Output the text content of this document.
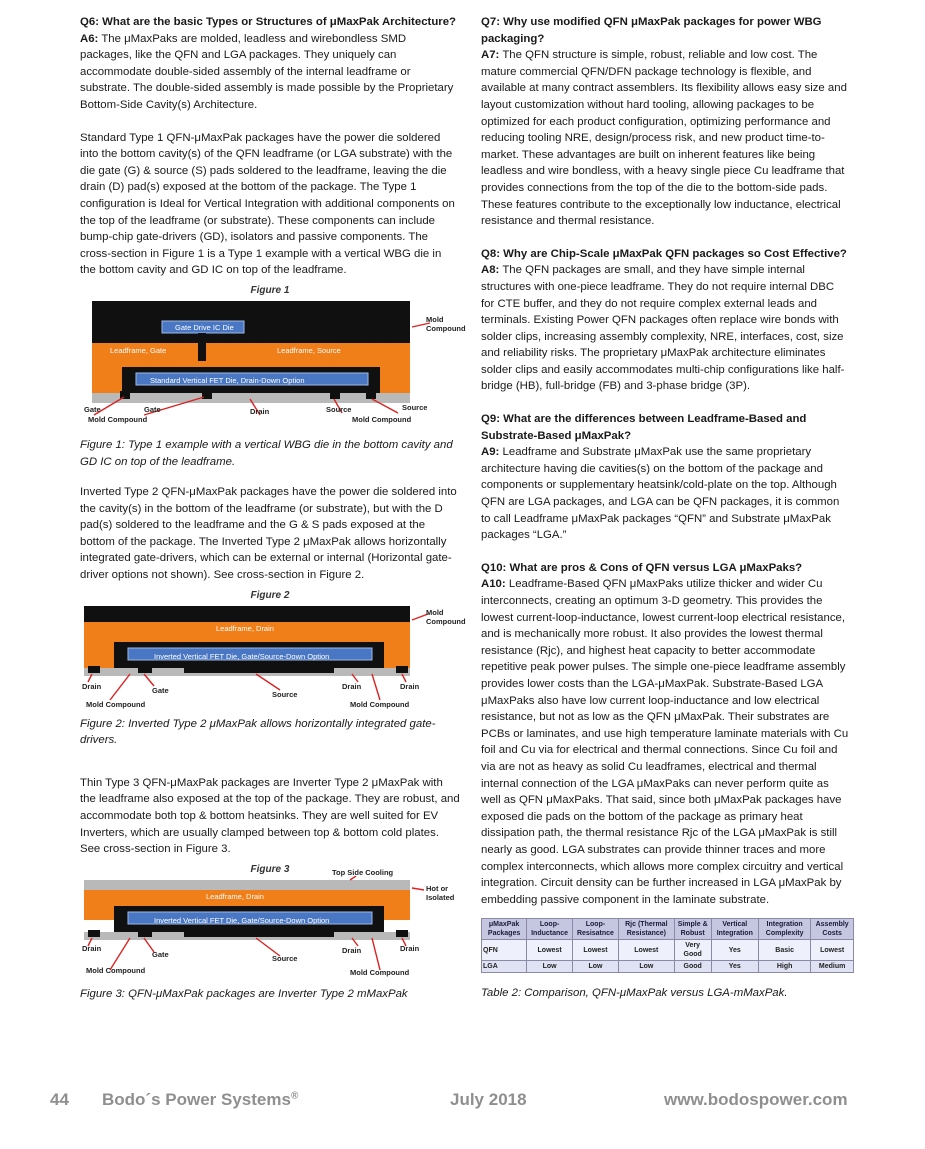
Q6: What are the basic Types or Structures of μMaxPak Architecture?

A6: The μMaxPaks are molded, leadless and wirebondless SMD packages, like the QFN and LGA packages. They uniquely can accommodate double-sided assembly of the internal leadframe or substrate. The double-sided assembly is made possible by the Proprietary Bottom-Side Cavity(s) Architecture.

Standard Type 1 QFN-μMaxPak packages have the power die soldered into the bottom cavity(s) of the QFN leadframe (or LGA substrate) with the die gate (G) & source (S) pads soldered to the leadframe, leaving the die drain (D) pad(s) exposed at the bottom of the package. The Type 1 configuration is Ideal for Vertical Integration with additional components on the top of the leadframe (or substrate). These components can include bump-chip gate-drivers (GD), isolators and passive components. The cross-section in Figure 1 is a Type 1 example with a vertical WBG die in the bottom cavity and GD IC on top of the leadframe.

Figure 1
Gate Drive IC Die
Mold Compound
Leadframe, Gate	Leadframe, Source
Standard Vertical FET Die, Drain-Down Option
Gate	Gate	Drain	Source	Source
Mold Compound	Mold Compound

Figure 1: Type 1 example with a vertical WBG die in the bottom cavity and GD IC on top of the leadframe.

Inverted Type 2 QFN-μMaxPak packages have the power die soldered into the cavity(s) in the bottom of the leadframe (or substrate), but with the D pad(s) soldered to the leadframe and the G & S pads exposed at the bottom of the package. The Inverted Type 2 μMaxPak allows horizontally integrated gate-drivers, which can be external or internal (Horizontal gate-driver options not shown). See cross-section in Figure 2.

Figure 2
Mold Compound
Leadframe, Drain
Inverted Vertical FET Die, Gate/Source-Down Option
Drain	Gate	Source
Drain	Drain
Mold Compound	Mold Compound

Figure 2: Inverted Type 2 μMaxPak allows horizontally integrated gate-drivers.

Thin Type 3 QFN-μMaxPak packages are Inverter Type 2 μMaxPak with the leadframe also exposed at the top of the package. They are robust, and accommodate both top & bottom heatsinks. They are well suited for EV Inverters, which are usually clamped between top & bottom cold plates. See cross-section in Figure 3.

Figure 3	Top Side Cooling
Hot or Isolated
Leadframe, Drain
Inverted Vertical FET Die, Gate/Source-Down Option
Drain
Gate	Source
Drain	Drain
Mold Compound	Mold Compound

Figure 3: QFN-μMaxPak packages are Inverter Type 2 mMaxPak

Q7: Why use modified QFN μMaxPak packages for power WBG packaging?

A7: The QFN structure is simple, robust, reliable and low cost. The mature commercial QFN/DFN package technology is flexible, and available at many contract assemblers. Its flexibility allows easy size and layout customization without hard tooling, allowing packages to be optimized for each product configuration, optimizing performance and reducing tooling NRE, design/process risk, and new product time-to-market. These advantages are built on inherent features like being leadless and wire bondless, with a heavy single piece Cu leadframe that provides connections from the top of the die to the bottom-side pads. These features contribute to the exceptionally low inductance, electrical resistance and thermal resistance.

Q8: Why are Chip-Scale μMaxPak QFN packages so Cost Effective?

A8: The QFN packages are small, and they have simple internal structures with one-piece leadframe. They do not require internal DBC for CTE buffer, and they do not require complex external leads and terminals. Existing Power QFN packages often replace wire bonds with solder clips, increasing assembly complexity, NRE, interfaces, cost, size and reliability risks. The proprietary μMaxPak architecture eliminates solder clips and easily accommodates multi-chip configurations like half-bridge (HB), full-bridge (FB) and 3-phase bridge (3P).

Q9: What are the differences between Leadframe-Based and Substrate-Based μMaxPak?

A9: Leadframe and Substrate μMaxPak use the same proprietary architecture having die cavities(s) on the bottom of the package and components or supplementary heatsink/cold-plate on the top. Although QFN are LGA packages, and LGA can be QFN packages, it is common to call Leadframe μMaxPak packages “QFN” and Substrate μMaxPak packages “LGA.”

Q10: What are pros & Cons of QFN versus LGA μMaxPaks?

A10: Leadframe-Based QFN μMaxPaks utilize thicker and wider Cu interconnects, creating an optimum 3-D geometry. This provides the lowest current-loop-inductance, lowest current-loop electrical resistance, and is mechanically more robust. It also provides the lowest thermal resistance (Rjc), and highest heat capacity to better accommodate repetitive peak power pulses. The simple one-piece leadframe assembly provides lower costs than the LGA-μMaxPak. Substrate-Based LGA μMaxPaks also have low current loop-inductance and low electrical resistance, but not as low as the QFN μMaxPak. Their substrates are PCBs or laminates, and use high temperature laminate materials with Cu foil and Cu via for electrical and thermal connections. Since Cu foil and via are not as heavy as solid Cu leadframes, electrical and thermal internal connection of the LGA μMaxPaks can never perform quite as well as QFN μMaxPaks. That said, since both μMaxPak packages have exposed die pads on the bottom of the package as primary heat dissipation path, the thermal resistance Rjc of the LGA μMaxPak is still nearly as good. LGA substrates can provide thinner traces and more complex interconnects, which allows more complex circuitry and vertical integration. Circuit density can be further increased in LGA μMaxPak by embedding passive component in the laminate substrate.

μMaxPak Packages	Loop-Inductance	Loop-Resisatnce	Rjc (Thermal Resistance)	Simple & Robust	Vertical Integration	Integration Complexity	Assembly Costs
QFN	Lowest	Lowest	Lowest	Very Good	Yes	Basic	Lowest
LGA	Low	Low	Low	Good	Yes	High	Medium

Table 2: Comparison, QFN-μMaxPak versus LGA-mMaxPak.

44 Bodo´s Power Systems®	July 2018	www.bodospower.com
